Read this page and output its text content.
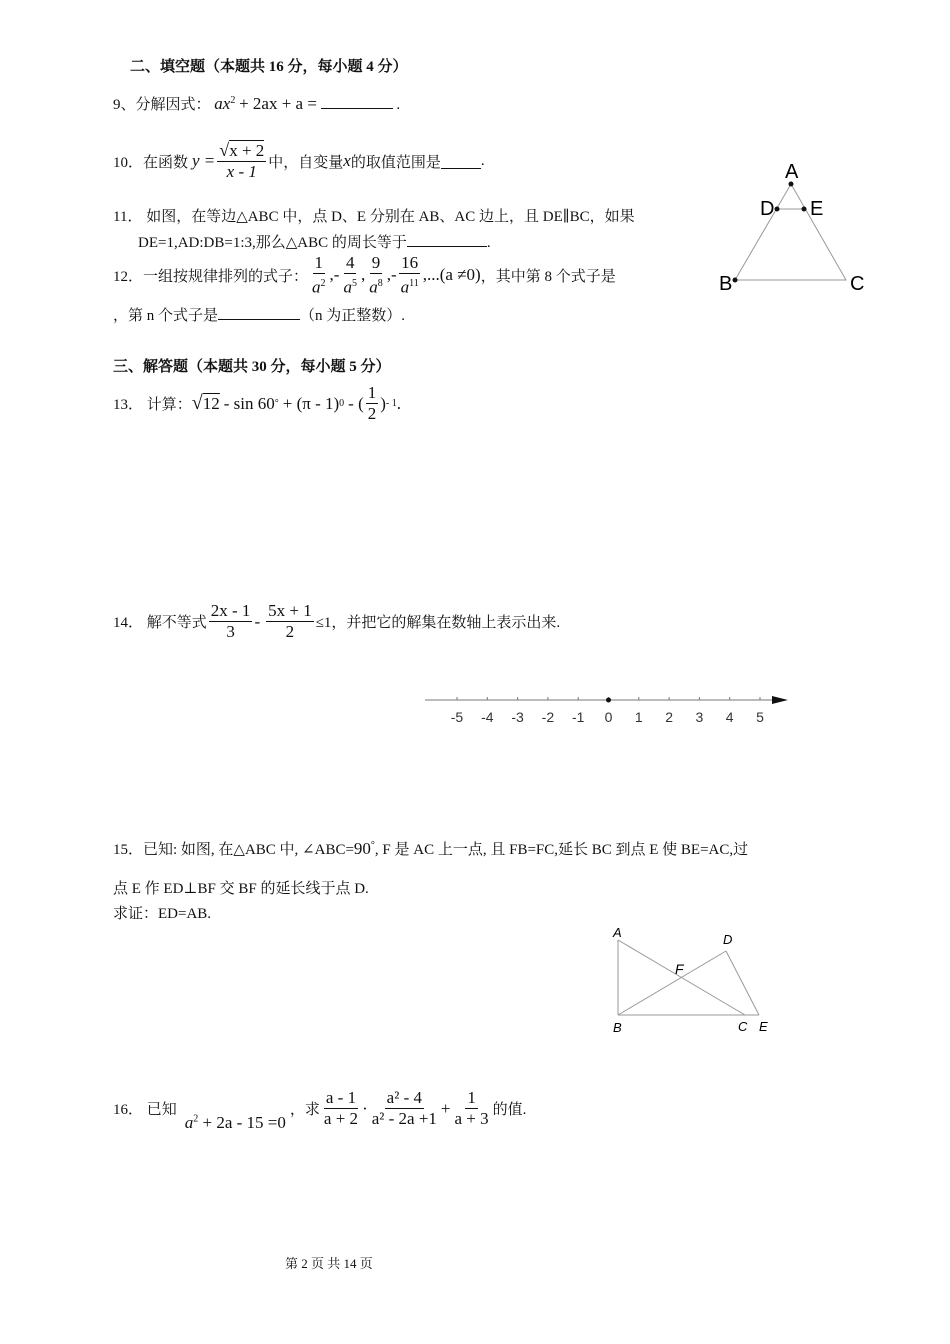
二、填空题（本题共 16 分，每小题 4 分）
9、分解因式： $ax^2 + 2ax + a$ =	.
10．在函数 $y = \frac{√x + 2}{x - 1}$ 中，自变量 x 的取值范围是	.
11． 如图，在等边△ABC 中，点 D、E 分别在 AB、AC 边上，且 DE∥BC，如果
DE=1,AD:DB=1:3,那么△ABC 的周长等于	.
A
D E
B	C
12．一组按规律排列的式子： $\frac{1}{a^2}$ , - $\frac{4}{a^5}$ , $\frac{9}{a^8}$ , - $\frac{16}{a^{11}} ,...(a \ne 0)$ ，其中第 8 个式子是
，第 n 个式子是	（n 为正整数）.
三、解答题（本题共 30 分，每小题 5 分）
13． 计算： √ 12 - sin 60 ° + (π - 1) 0 - ( $\frac{1}{2}$ ) - 1 .
14． 解不等式 $\frac{2x - 1}{3} - \frac{5x + 1}{2} \le 1$，并把它的解集在数轴上表示出来.
-5 -4 -3 -2 -1 0 1 2 3 4 5
15．已知: 如图, 在△ABC 中, ∠ABC=90°, F 是 AC 上一点, 且 FB=FC,延长 BC 到点 E 使 BE=AC,过
点 E 作 ED⊥BF 交 BF 的延长线于点 D.
求证：ED=AB.
A	D
F
B	C E
16． 已知
$a^2 + 2a - 15 =0$
，求 $\frac{a - 1}{a + 2} \cdot \frac{\text{a² - 4}}{\text{a² - 2a +1}} + \frac{1}{a + 3}$ 的值.
第 2 页 共 14 页
